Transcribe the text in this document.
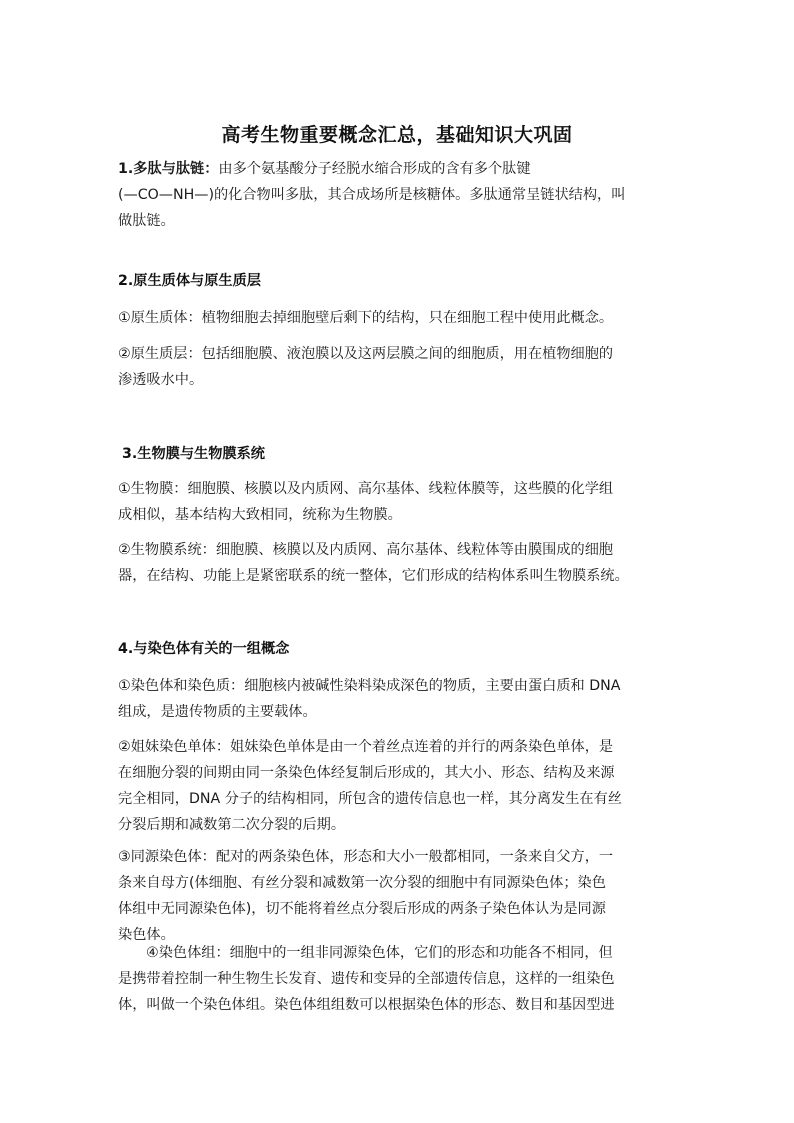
高考生物重要概念汇总，基础知识大巩固
1.多肽与肽链：由多个氨基酸分子经脱水缩合形成的含有多个肽键
(—CO—NH—)的化合物叫多肽，其合成场所是核糖体。多肽通常呈链状结构，叫
做肽链。
2.原生质体与原生质层
①原生质体：植物细胞去掉细胞壁后剩下的结构，只在细胞工程中使用此概念。
②原生质层：包括细胞膜、液泡膜以及这两层膜之间的细胞质，用在植物细胞的
渗透吸水中。
3.生物膜与生物膜系统
①生物膜：细胞膜、核膜以及内质网、高尔基体、线粒体膜等，这些膜的化学组
成相似，基本结构大致相同，统称为生物膜。
②生物膜系统：细胞膜、核膜以及内质网、高尔基体、线粒体等由膜围成的细胞
器，在结构、功能上是紧密联系的统一整体，它们形成的结构体系叫生物膜系统。
4.与染色体有关的一组概念
①染色体和染色质：细胞核内被碱性染料染成深色的物质，主要由蛋白质和 DNA
组成，是遗传物质的主要载体。
②姐妹染色单体：姐妹染色单体是由一个着丝点连着的并行的两条染色单体，是
在细胞分裂的间期由同一条染色体经复制后形成的，其大小、形态、结构及来源
完全相同，DNA 分子的结构相同，所包含的遗传信息也一样，其分离发生在有丝
分裂后期和减数第二次分裂的后期。
③同源染色体：配对的两条染色体，形态和大小一般都相同，一条来自父方，一
条来自母方(体细胞、有丝分裂和减数第一次分裂的细胞中有同源染色体；染色
体组中无同源染色体)，切不能将着丝点分裂后形成的两条子染色体认为是同源
染色体。
④染色体组：细胞中的一组非同源染色体，它们的形态和功能各不相同，但
是携带着控制一种生物生长发育、遗传和变异的全部遗传信息，这样的一组染色
体，叫做一个染色体组。染色体组组数可以根据染色体的形态、数目和基因型进
